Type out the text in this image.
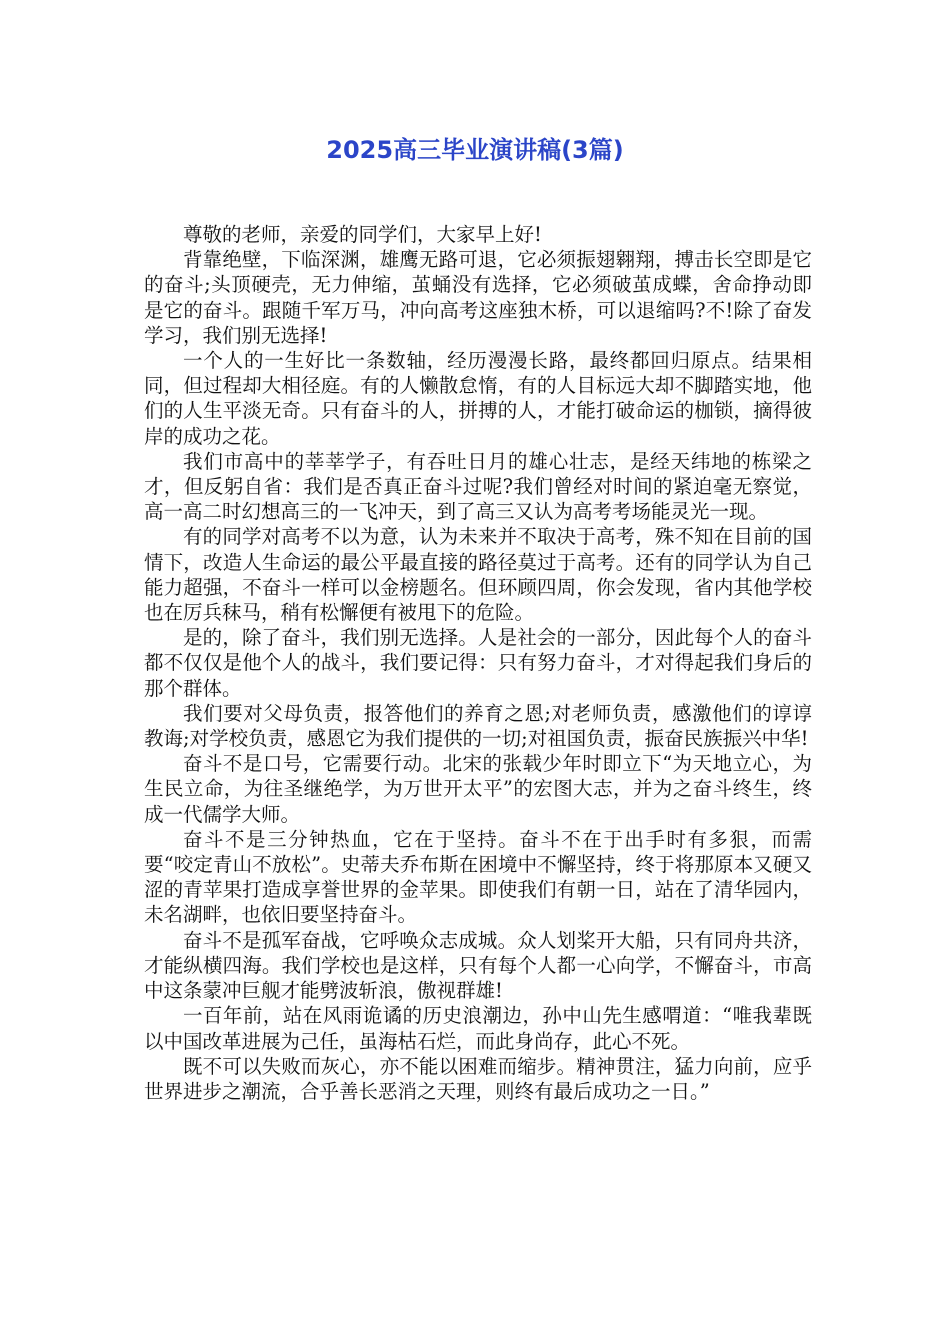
2025高三毕业演讲稿(3篇)

尊敬的老师，亲爱的同学们，大家早上好!

背靠绝壁，下临深渊，雄鹰无路可退，它必须振翅翱翔，搏击长空即是它的奋斗;头顶硬壳，无力伸缩，茧蛹没有选择，它必须破茧成蝶，舍命挣动即是它的奋斗。跟随千军万马，冲向高考这座独木桥，可以退缩吗?不!除了奋发学习，我们别无选择!

一个人的一生好比一条数轴，经历漫漫长路，最终都回归原点。结果相同，但过程却大相径庭。有的人懒散怠惰，有的人目标远大却不脚踏实地，他们的人生平淡无奇。只有奋斗的人，拼搏的人，才能打破命运的枷锁，摘得彼岸的成功之花。

我们市高中的莘莘学子，有吞吐日月的雄心壮志，是经天纬地的栋梁之才，但反躬自省：我们是否真正奋斗过呢?我们曾经对时间的紧迫毫无察觉，高一高二时幻想高三的一飞冲天，到了高三又认为高考考场能灵光一现。

有的同学对高考不以为意，认为未来并不取决于高考，殊不知在目前的国情下，改造人生命运的最公平最直接的路径莫过于高考。还有的同学认为自己能力超强，不奋斗一样可以金榜题名。但环顾四周，你会发现，省内其他学校也在厉兵秣马，稍有松懈便有被甩下的危险。

是的，除了奋斗，我们别无选择。人是社会的一部分，因此每个人的奋斗都不仅仅是他个人的战斗，我们要记得：只有努力奋斗，才对得起我们身后的那个群体。

我们要对父母负责，报答他们的养育之恩;对老师负责，感激他们的谆谆教诲;对学校负责，感恩它为我们提供的一切;对祖国负责，振奋民族振兴中华!

奋斗不是口号，它需要行动。北宋的张载少年时即立下“为天地立心，为生民立命，为往圣继绝学，为万世开太平”的宏图大志，并为之奋斗终生，终成一代儒学大师。

奋斗不是三分钟热血，它在于坚持。奋斗不在于出手时有多狠，而需要“咬定青山不放松”。史蒂夫乔布斯在困境中不懈坚持，终于将那原本又硬又涩的青苹果打造成享誉世界的金苹果。即使我们有朝一日，站在了清华园内，未名湖畔，也依旧要坚持奋斗。

奋斗不是孤军奋战，它呼唤众志成城。众人划桨开大船，只有同舟共济，才能纵横四海。我们学校也是这样，只有每个人都一心向学，不懈奋斗，市高中这条蒙冲巨舰才能劈波斩浪，傲视群雄!

一百年前，站在风雨诡谲的历史浪潮边，孙中山先生感喟道：“唯我辈既以中国改革进展为己任，虽海枯石烂，而此身尚存，此心不死。

既不可以失败而灰心，亦不能以困难而缩步。精神贯注，猛力向前，应乎世界进步之潮流，合乎善长恶消之天理，则终有最后成功之一日。”
